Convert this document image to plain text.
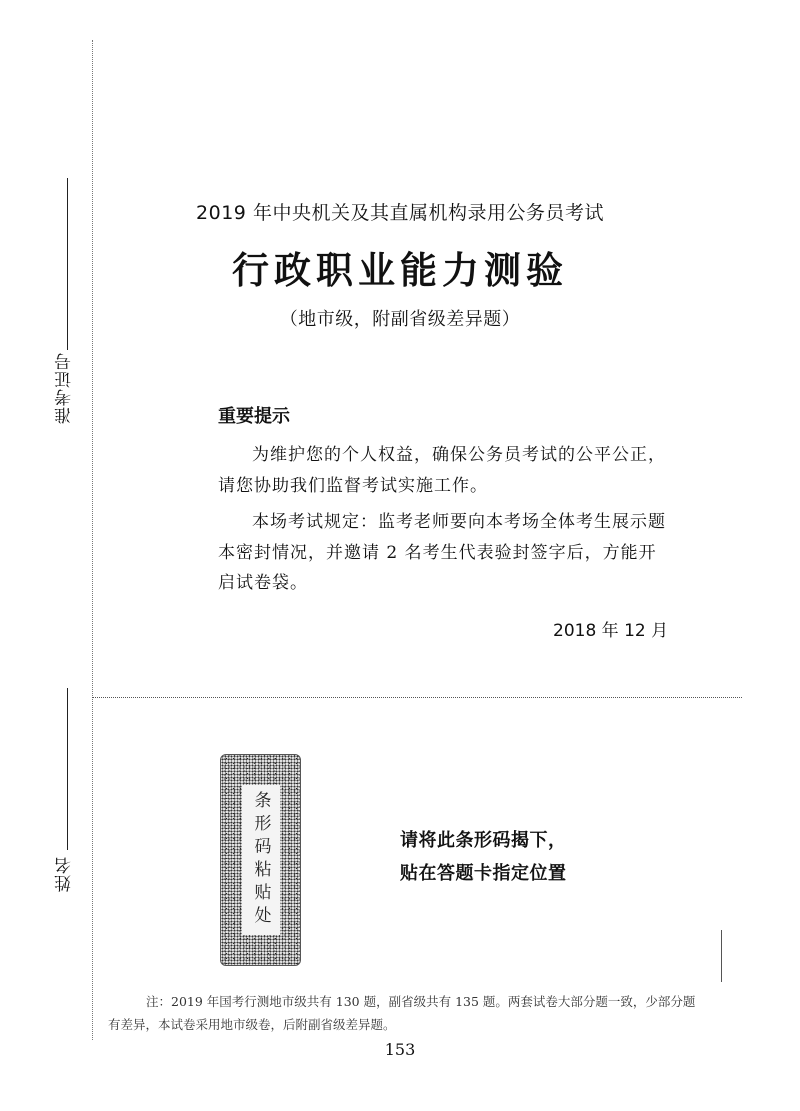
准考证号
姓名
2019 年中央机关及其直属机构录用公务员考试
行政职业能力测验
（地市级，附副省级差异题）
重要提示
为维护您的个人权益，确保公务员考试的公平公正，请您协助我们监督考试实施工作。
本场考试规定：监考老师要向本考场全体考生展示题本密封情况，并邀请 2 名考生代表验封签字后，方能开启试卷袋。
2018 年 12 月
条形码粘贴处	请将此条形码揭下，
贴在答题卡指定位置
注：2019 年国考行测地市级共有 130 题，副省级共有 135 题。两套试卷大部分题一致，少部分题有差异，本试卷采用地市级卷，后附副省级差异题。
153
